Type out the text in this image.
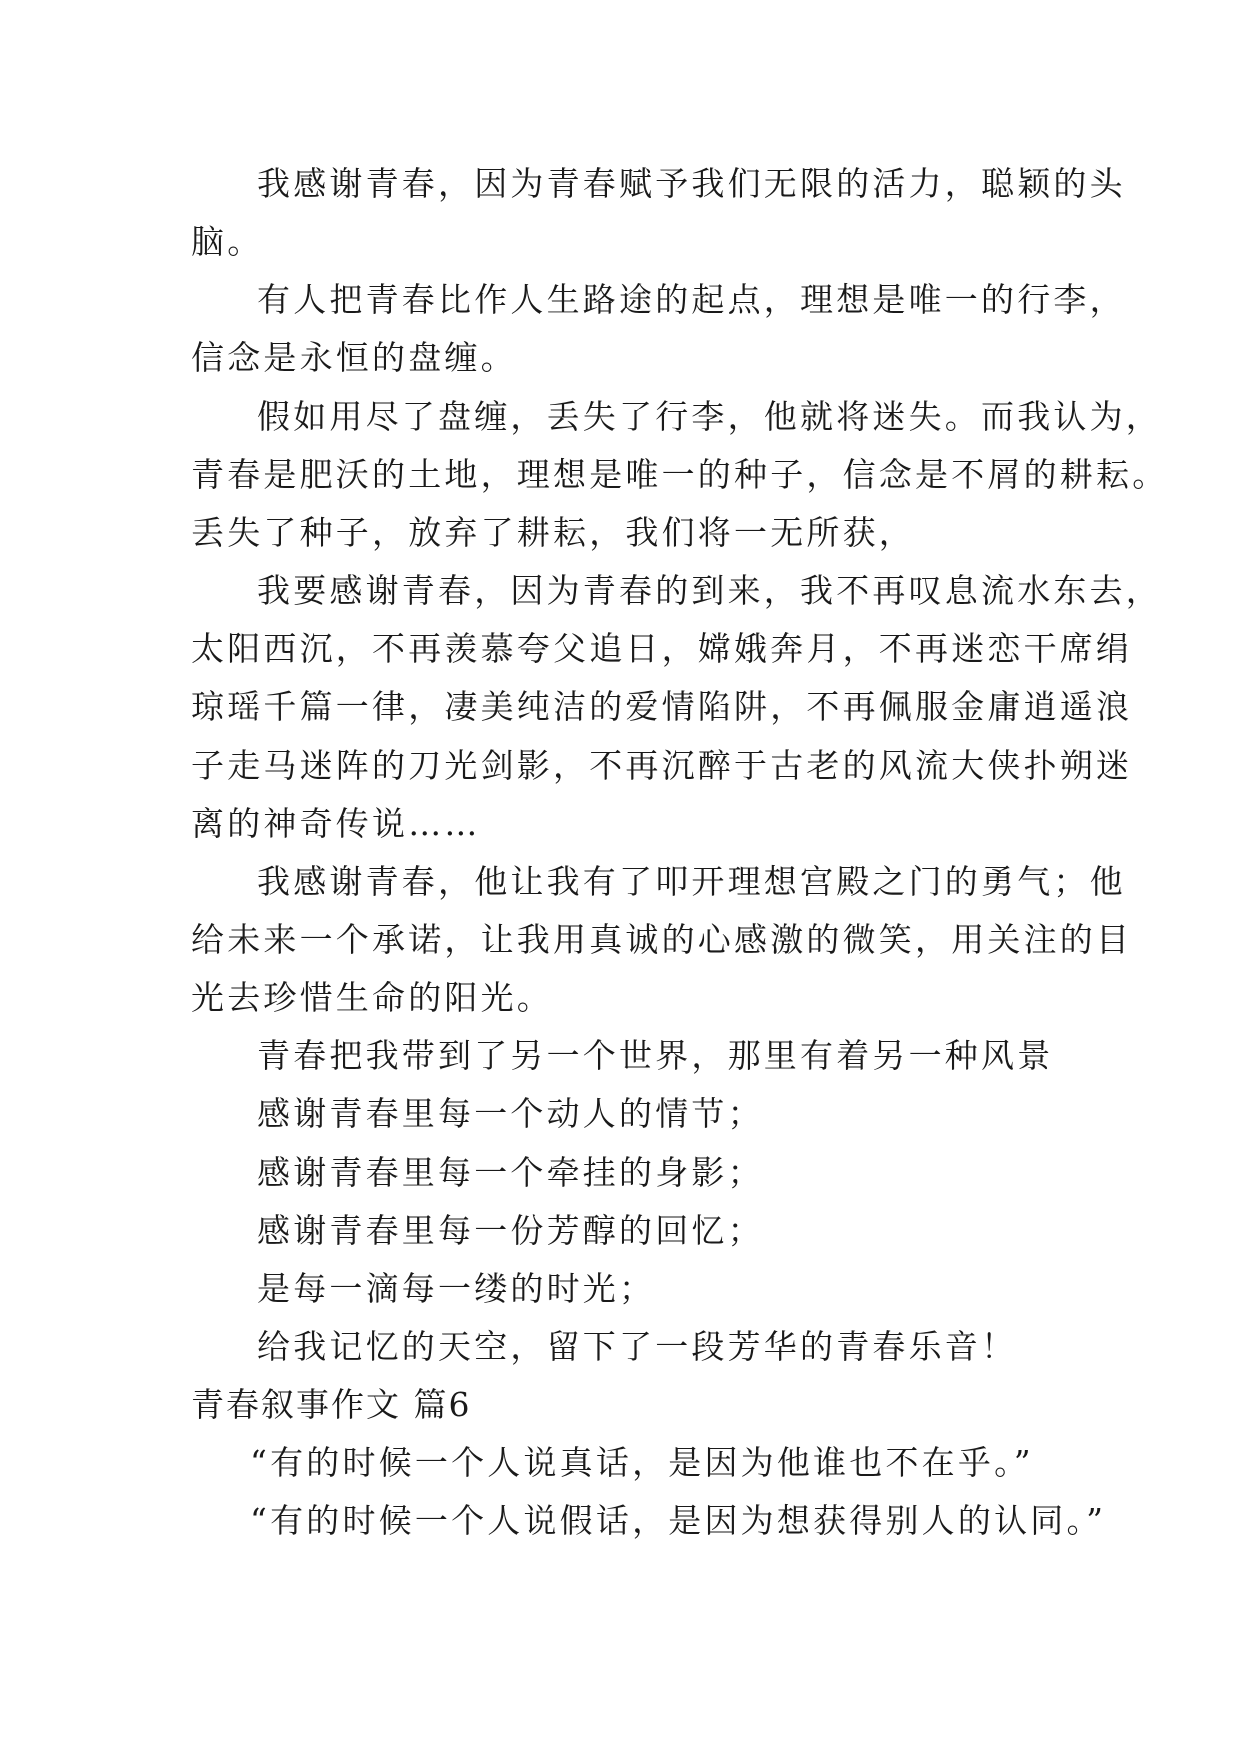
我感谢青春，因为青春赋予我们无限的活力，聪颖的头
脑。
有人把青春比作人生路途的起点，理想是唯一的行李，
信念是永恒的盘缠。
假如用尽了盘缠，丢失了行李，他就将迷失。而我认为，
青春是肥沃的土地，理想是唯一的种子，信念是不屑的耕耘。
丢失了种子，放弃了耕耘，我们将一无所获，
我要感谢青春，因为青春的到来，我不再叹息流水东去，
太阳西沉，不再羡慕夸父追日，嫦娥奔月，不再迷恋干席绢
琼瑶千篇一律，凄美纯洁的爱情陷阱，不再佩服金庸逍遥浪
子走马迷阵的刀光剑影，不再沉醉于古老的风流大侠扑朔迷
离的神奇传说……
我感谢青春，他让我有了叩开理想宫殿之门的勇气；他
给未来一个承诺，让我用真诚的心感激的微笑，用关注的目
光去珍惜生命的阳光。
青春把我带到了另一个世界，那里有着另一种风景
感谢青春里每一个动人的情节；
感谢青春里每一个牵挂的身影；
感谢青春里每一份芳醇的回忆；
是每一滴每一缕的时光；
给我记忆的天空，留下了一段芳华的青春乐音！
青春叙事作文 篇6
“有的时候一个人说真话，是因为他谁也不在乎。”
“有的时候一个人说假话，是因为想获得别人的认同。”
